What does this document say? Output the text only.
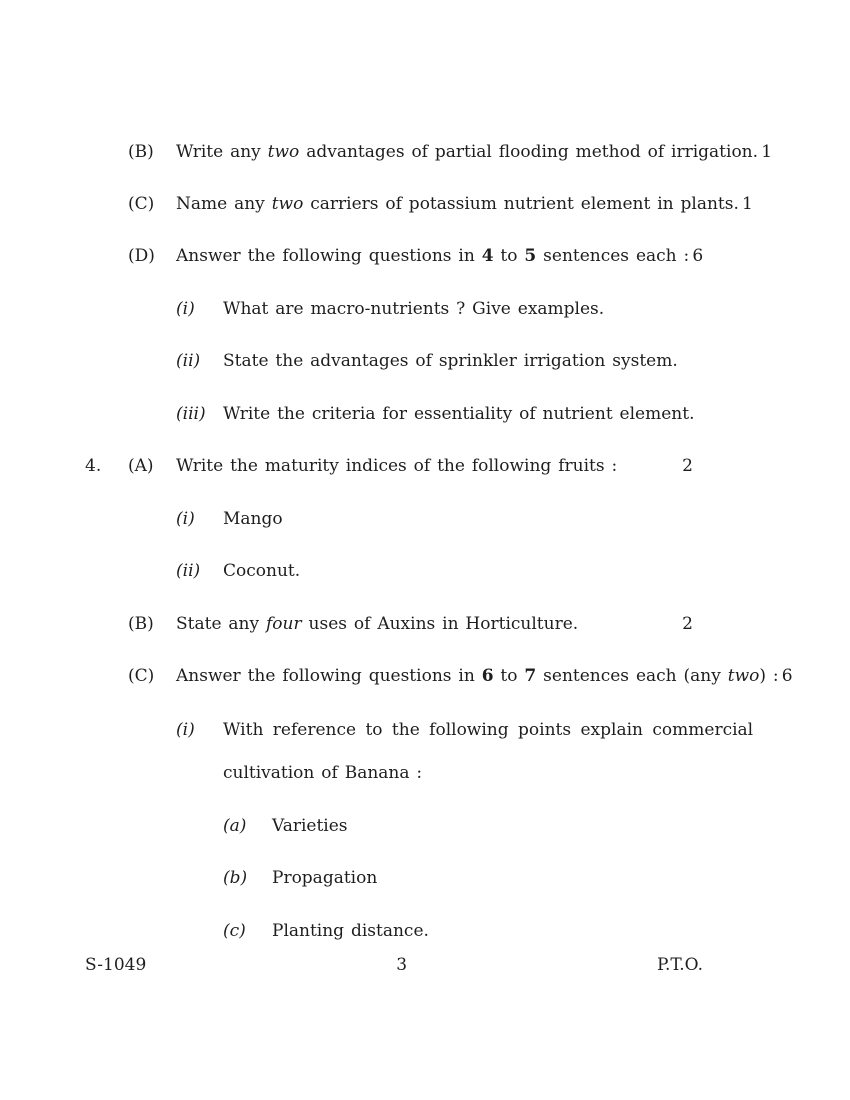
(B)	Write any two advantages of partial flooding method of irrigation. 1
(C)	Name any two carriers of potassium nutrient element in plants. 1
(D)	Answer the following questions in 4 to 5 sentences each : 6
(i)	What are macro-nutrients ? Give examples.
(ii)	State the advantages of sprinkler irrigation system.
(iii)	Write the criteria for essentiality of nutrient element.
4.	(A)	Write the maturity indices of the following fruits :	2
(i)	Mango
(ii)	Coconut.
(B)	State any four uses of Auxins in Horticulture.	2
(C)	Answer the following questions in 6 to 7 sentences each (any two) : 6
(i)	With reference to the following points explain commercial
cultivation of Banana :
(a)	Varieties
(b)	Propagation
(c)	Planting distance.
S-1049	3	P.T.O.
